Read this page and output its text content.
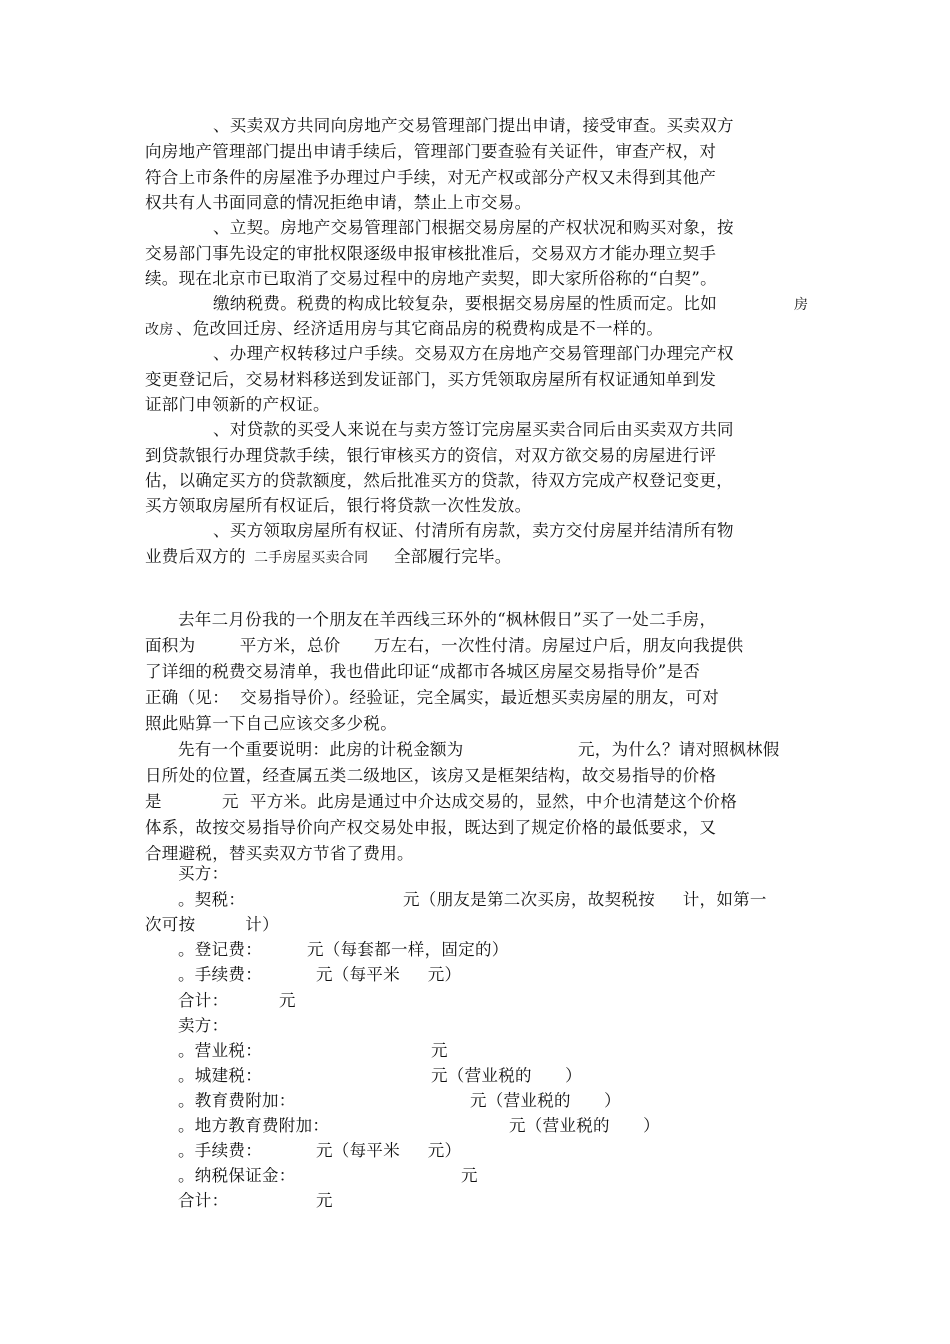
、买卖双方共同向房地产交易管理部门提出申请，接受审查。买卖双方
向房地产管理部门提出申请手续后，管理部门要查验有关证件，审查产权，对
符合上市条件的房屋准予办理过户手续，对无产权或部分产权又未得到其他产
权共有人书面同意的情况拒绝申请，禁止上市交易。
、立契。房地产交易管理部门根据交易房屋的产权状况和购买对象，按
交易部门事先设定的审批权限逐级申报审核批准后，交易双方才能办理立契手
续。现在北京市已取消了交易过程中的房地产卖契，即大家所俗称的“白契”。
缴纳税费。税费的构成比较复杂，要根据交易房屋的性质而定。比如	房
改房 、危改回迁房、经济适用房与其它商品房的税费构成是不一样的。
、办理产权转移过户手续。交易双方在房地产交易管理部门办理完产权
变更登记后，交易材料移送到发证部门，买方凭领取房屋所有权证通知单到发
证部门申领新的产权证。
、对贷款的买受人来说在与卖方签订完房屋买卖合同后由买卖双方共同
到贷款银行办理贷款手续，银行审核买方的资信，对双方欲交易的房屋进行评
估，以确定买方的贷款额度，然后批准买方的贷款，待双方完成产权登记变更，
买方领取房屋所有权证后，银行将贷款一次性发放。
、买方领取房屋所有权证、付清所有房款，卖方交付房屋并结清所有物
业费后双方的 二手房屋买卖合同 全部履行完毕。
去年二月份我的一个朋友在羊西线三环外的“枫林假日”买了一处二手房，
面积为        平方米，总价      万左右，一次性付清。房屋过户后，朋友向我提供
了详细的税费交易清单，我也借此印证“成都市各城区房屋交易指导价”是否
正确（见：  交易指导价）。经验证，完全属实，最近想买卖房屋的朋友，可对
照此贴算一下自己应该交多少税。
先有一个重要说明：此房的计税金额为	元，为什么？请对照枫林假
日所处的位置，经查属五类二级地区，该房又是框架结构，故交易指导的价格
是	元  平方米。此房是通过中介达成交易的，显然，中介也清楚这个价格
体系，故按交易指导价向产权交易处申报，既达到了规定价格的最低要求，又
合理避税，替买卖双方节省了费用。
买方：
。契税：	元（朋友是第二次买房，故契税按     计，如第一
次可按         计）
。登记费：	元（每套都一样，固定的）
。手续费：	元（每平米     元）
合计：	元
卖方：
。营业税：	元
。城建税：	元（营业税的      ）
。教育费附加：	元（营业税的      ）
。地方教育费附加：	元（营业税的      ）
。手续费：	元（每平米     元）
。纳税保证金：	元
合计：	元
